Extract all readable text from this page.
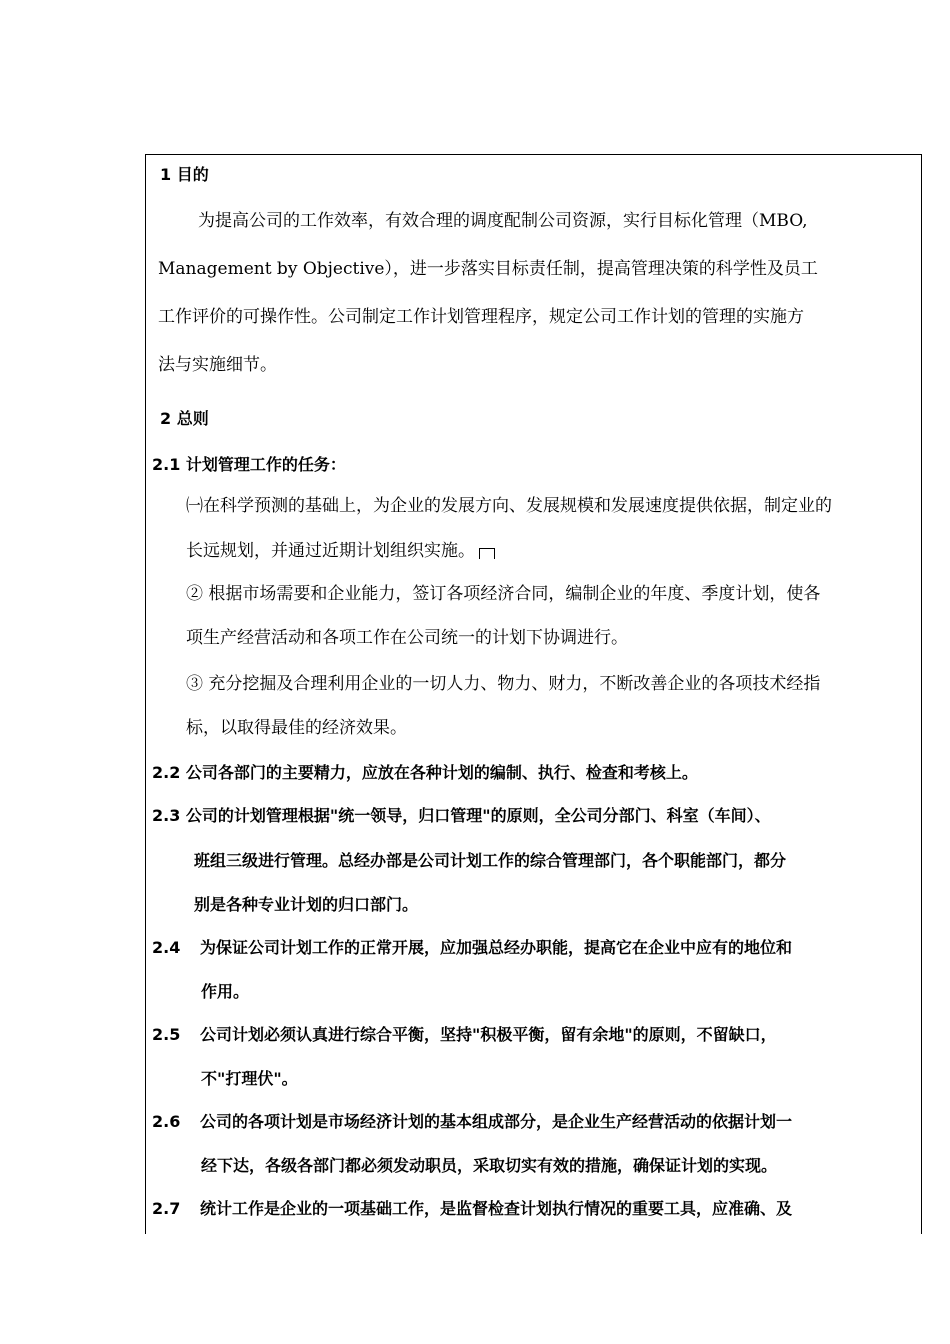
1 目的
为提高公司的工作效率，有效合理的调度配制公司资源，实行目标化管理（MBO,
Management by Objective），进一步落实目标责任制，提高管理决策的科学性及员工
工作评价的可操作性。公司制定工作计划管理程序，规定公司工作计划的管理的实施方
法与实施细节。
2 总则
2.1 计划管理工作的任务：
㈠在科学预测的基础上，为企业的发展方向、发展规模和发展速度提供依据，制定业的
长远规划，并通过近期计划组织实施。
② 根据市场需要和企业能力，签订各项经济合同，编制企业的年度、季度计划，使各
项生产经营活动和各项工作在公司统一的计划下协调进行。
③ 充分挖掘及合理利用企业的一切人力、物力、财力，不断改善企业的各项技术经指
标，以取得最佳的经济效果。
2.2 公司各部门的主要精力，应放在各种计划的编制、执行、检查和考核上。
2.3 公司的计划管理根据"统一领导，归口管理"的原则，全公司分部门、科室（车间）、
班组三级进行管理。总经办部是公司计划工作的综合管理部门，各个职能部门，都分
别是各种专业计划的归口部门。
2.4 为保证公司计划工作的正常开展，应加强总经办职能，提高它在企业中应有的地位和
作用。
2.5 公司计划必须认真进行综合平衡，坚持"积极平衡，留有余地"的原则，不留缺口，
不"打理伏"。
2.6 公司的各项计划是市场经济计划的基本组成部分，是企业生产经营活动的依据计划一
经下达，各级各部门都必须发动职员，采取切实有效的措施，确保证计划的实现。
2.7 统计工作是企业的一项基础工作，是监督检查计划执行情况的重要工具，应准确、及
